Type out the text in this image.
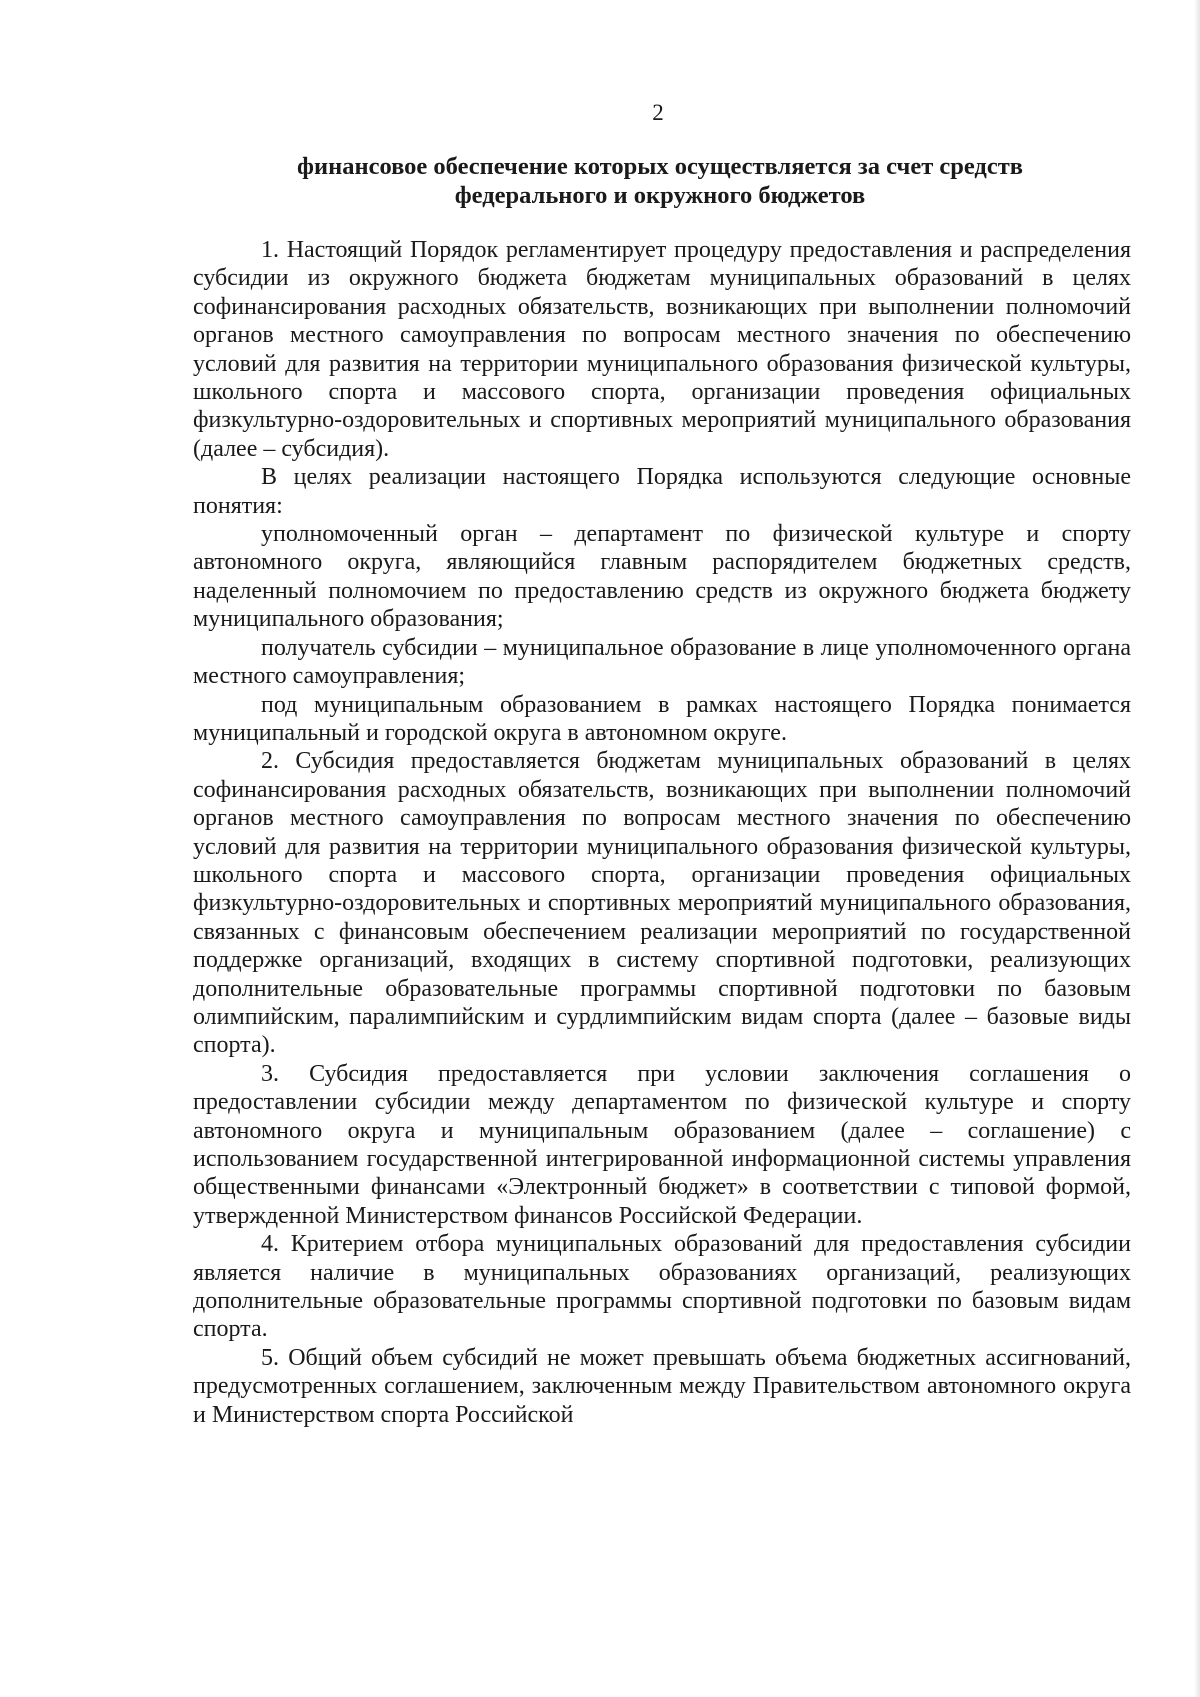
2
финансовое обеспечение которых осуществляется за счет средств
федерального и окружного бюджетов

1. Настоящий Порядок регламентирует процедуру предоставления и распределения субсидии из окружного бюджета бюджетам муниципальных образований в целях софинансирования расходных обязательств, возникающих при выполнении полномочий органов местного самоуправления по вопросам местного значения по обеспечению условий для развития на территории муниципального образования физической культуры, школьного спорта и массового спорта, организации проведения официальных физкультурно-оздоровительных и спортивных мероприятий муниципального образования (далее – субсидия).

В целях реализации настоящего Порядка используются следующие основные понятия:

уполномоченный орган – департамент по физической культуре и спорту автономного округа, являющийся главным распорядителем бюджетных средств, наделенный полномочием по предоставлению средств из окружного бюджета бюджету муниципального образования;

получатель субсидии – муниципальное образование в лице уполномоченного органа местного самоуправления;

под муниципальным образованием в рамках настоящего Порядка понимается муниципальный и городской округа в автономном округе.

2. Субсидия предоставляется бюджетам муниципальных образований в целях софинансирования расходных обязательств, возникающих при выполнении полномочий органов местного самоуправления по вопросам местного значения по обеспечению условий для развития на территории муниципального образования физической культуры, школьного спорта и массового спорта, организации проведения официальных физкультурно-оздоровительных и спортивных мероприятий муниципального образования, связанных с финансовым обеспечением реализации мероприятий по государственной поддержке организаций, входящих в систему спортивной подготовки, реализующих дополнительные образовательные программы спортивной подготовки по базовым олимпийским, паралимпийским и сурдлимпийским видам спорта (далее – базовые виды спорта).

3. Субсидия предоставляется при условии заключения соглашения о предоставлении субсидии между департаментом по физической культуре и спорту автономного округа и муниципальным образованием (далее – соглашение) с использованием государственной интегрированной информационной системы управления общественными финансами «Электронный бюджет» в соответствии с типовой формой, утвержденной Министерством финансов Российской Федерации.

4. Критерием отбора муниципальных образований для предоставления субсидии является наличие в муниципальных образованиях организаций, реализующих дополнительные образовательные программы спортивной подготовки по базовым видам спорта.

5. Общий объем субсидий не может превышать объема бюджетных ассигнований, предусмотренных соглашением, заключенным между Правительством автономного округа и Министерством спорта Российской
